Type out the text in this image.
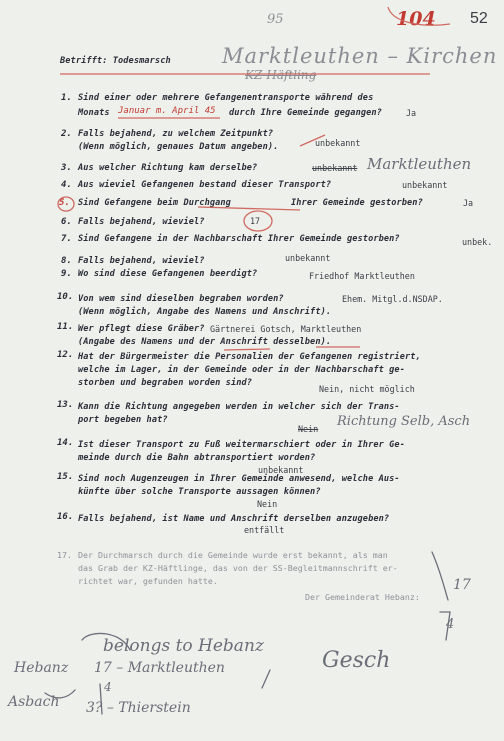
95	104 52
Betrifft: Todesmarsch Marktleuthen – Kirchen
KZ-Häftling
1. Sind einer oder mehrere Gefangenentransporte während des
Monats Januar m. April 45 durch Ihre Gemeinde gegangen?	Ja
2. Falls bejahend, zu welchem Zeitpunkt?
(Wenn möglich, genaues Datum angeben).	unbekannt
3. Aus welcher Richtung kam derselbe?	unbekannt Marktleuthen
4. Aus wieviel Gefangenen bestand dieser Transport?	unbekannt
5. Sind Gefangene beim Durchgang	Ihrer Gemeinde gestorben?	Ja
6. Falls bejahend, wieviel?	17
7. Sind Gefangene in der Nachbarschaft Ihrer Gemeinde gestorben?	unbek.
8. Falls bejahend, wieviel?	unbekannt
9. Wo sind diese Gefangenen beerdigt?	Friedhof Marktleuthen
10. Von wem sind dieselben begraben worden?
(Wenn möglich, Angabe des Namens und Anschrift).
Ehem. Mitgl.d.NSDAP.
11. Wer pflegt diese Gräber? Gärtnerei Gotsch, Marktleuthen
(Angabe des Namens und der Anschrift desselben).
12. Hat der Bürgermeister die Personalien der Gefangenen registriert,
welche im Lager, in der Gemeinde oder in der Nachbarschaft ge-
storben und begraben worden sind?
Nein, nicht möglich
13. Kann die Richtung angegeben werden in welcher sich der Trans-
port begeben hat?
Nein Richtung Selb, Asch
14. Ist dieser Transport zu Fuß weitermarschiert oder in Ihrer Ge-
meinde durch die Bahn abtransportiert worden?
unbekannt
15. Sind noch Augenzeugen in Ihrer Gemeinde anwesend, welche Aus-
künfte über solche Transporte aussagen können?
Nein
16. Falls bejahend, ist Name und Anschrift derselben anzugeben?
entfällt
17. Der Durchmarsch durch die Gemeinde wurde erst bekannt, als man
das Grab der KZ-Häftlinge, das von der SS-Begleitmannschrift er-
richtet war, gefunden hatte.
Der Gemeinderat Hebanz:
17
4
Gesch
belongs to Hebanz
Hebanz 17 – Marktleuthen
4
Asbach 3? – Thierstein
